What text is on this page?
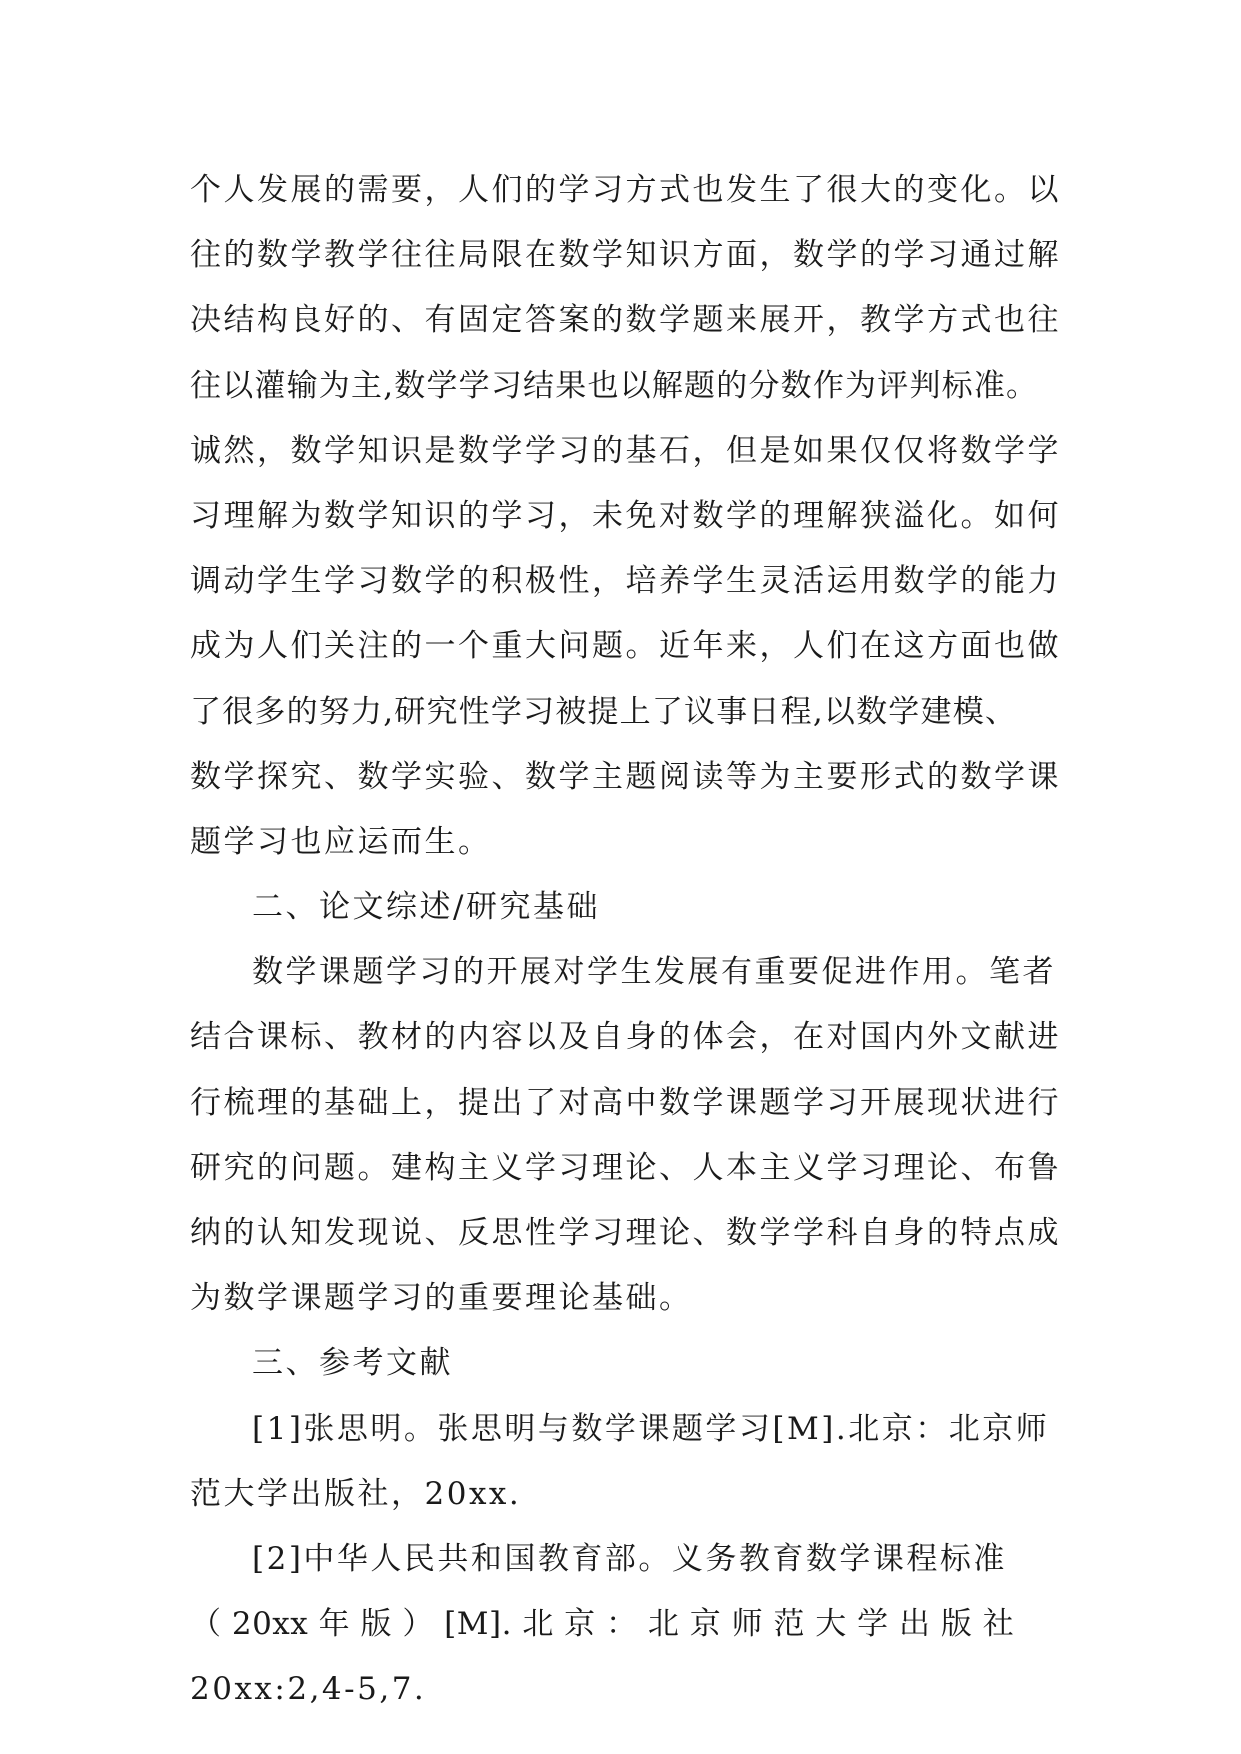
个人发展的需要，人们的学习方式也发生了很大的变化。以
往的数学教学往往局限在数学知识方面，数学的学习通过解
决结构良好的、有固定答案的数学题来展开，教学方式也往
往以灌输为主,数学学习结果也以解题的分数作为评判标准。
诚然，数学知识是数学学习的基石，但是如果仅仅将数学学
习理解为数学知识的学习，未免对数学的理解狭溢化。如何
调动学生学习数学的积极性，培养学生灵活运用数学的能力
成为人们关注的一个重大问题。近年来，人们在这方面也做
了很多的努力,研究性学习被提上了议事日程,以数学建模、
数学探究、数学实验、数学主题阅读等为主要形式的数学课
题学习也应运而生。
二、论文综述/研究基础
数学课题学习的开展对学生发展有重要促进作用。笔者
结合课标、教材的内容以及自身的体会，在对国内外文献进
行梳理的基础上，提出了对高中数学课题学习开展现状进行
研究的问题。建构主义学习理论、人本主义学习理论、布鲁
纳的认知发现说、反思性学习理论、数学学科自身的特点成
为数学课题学习的重要理论基础。
三、参考文献
[1]张思明。张思明与数学课题学习[M].北京：北京师
范大学出版社，20xx.
[2]中华人民共和国教育部。义务教育数学课程标准
（ 20xx 年 版 ） [M]. 北 京 ： 北 京 师 范 大 学 出 版 社
20xx:2,4-5,7.
